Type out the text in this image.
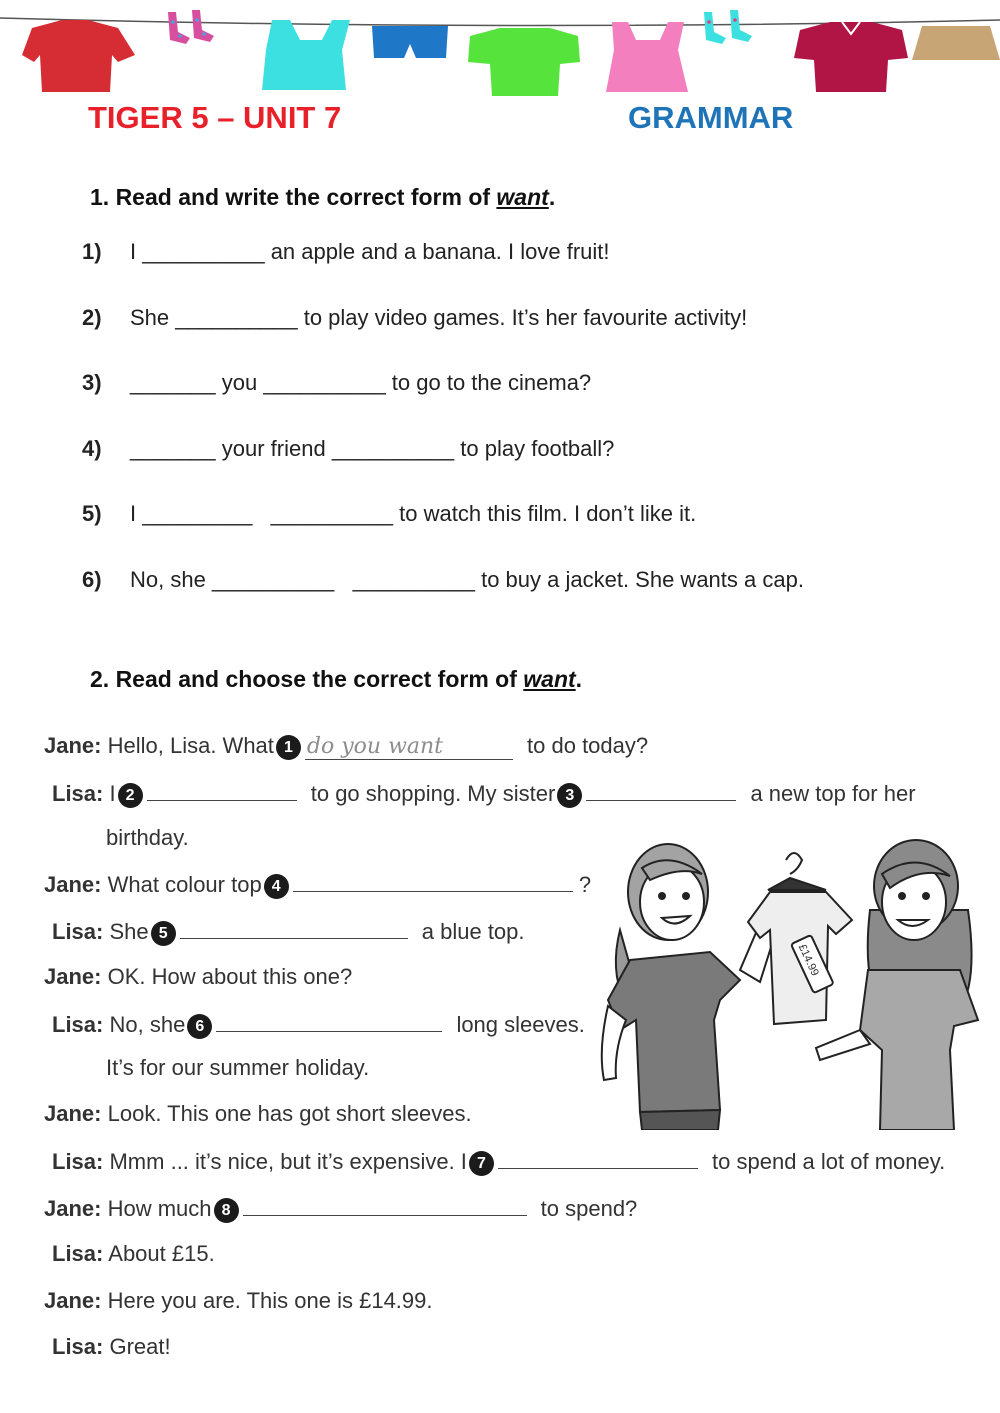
TIGER 5 – UNIT 7	GRAMMAR
1. Read and write the correct form of want.
1) I __________ an apple and a banana. I love fruit!
2) She __________ to play video games. It’s her favourite activity!
3) _______ you __________ to go to the cinema?
4) _______ your friend __________ to play football?
5) I _________   __________ to watch this film. I don’t like it.
6) No, she __________   __________ to buy a jacket. She wants a cap.
2. Read and choose the correct form of want.
Jane: Hello, Lisa. What 1 do you want	to do today?
Lisa: I 2	to go shopping. My sister 3	a new top for her
birthday.
Jane: What colour top 4	?
Lisa: She 5	a blue top.
Jane: OK. How about this one?
Lisa: No, she 6	long sleeves.
It’s for our summer holiday.
Jane: Look. This one has got short sleeves.
Lisa: Mmm ... it’s nice, but it’s expensive. I 7	to spend a lot of money.
Jane: How much 8	to spend?
Lisa: About £15.
Jane: Here you are. This one is £14.99.
Lisa: Great!
£14.99
